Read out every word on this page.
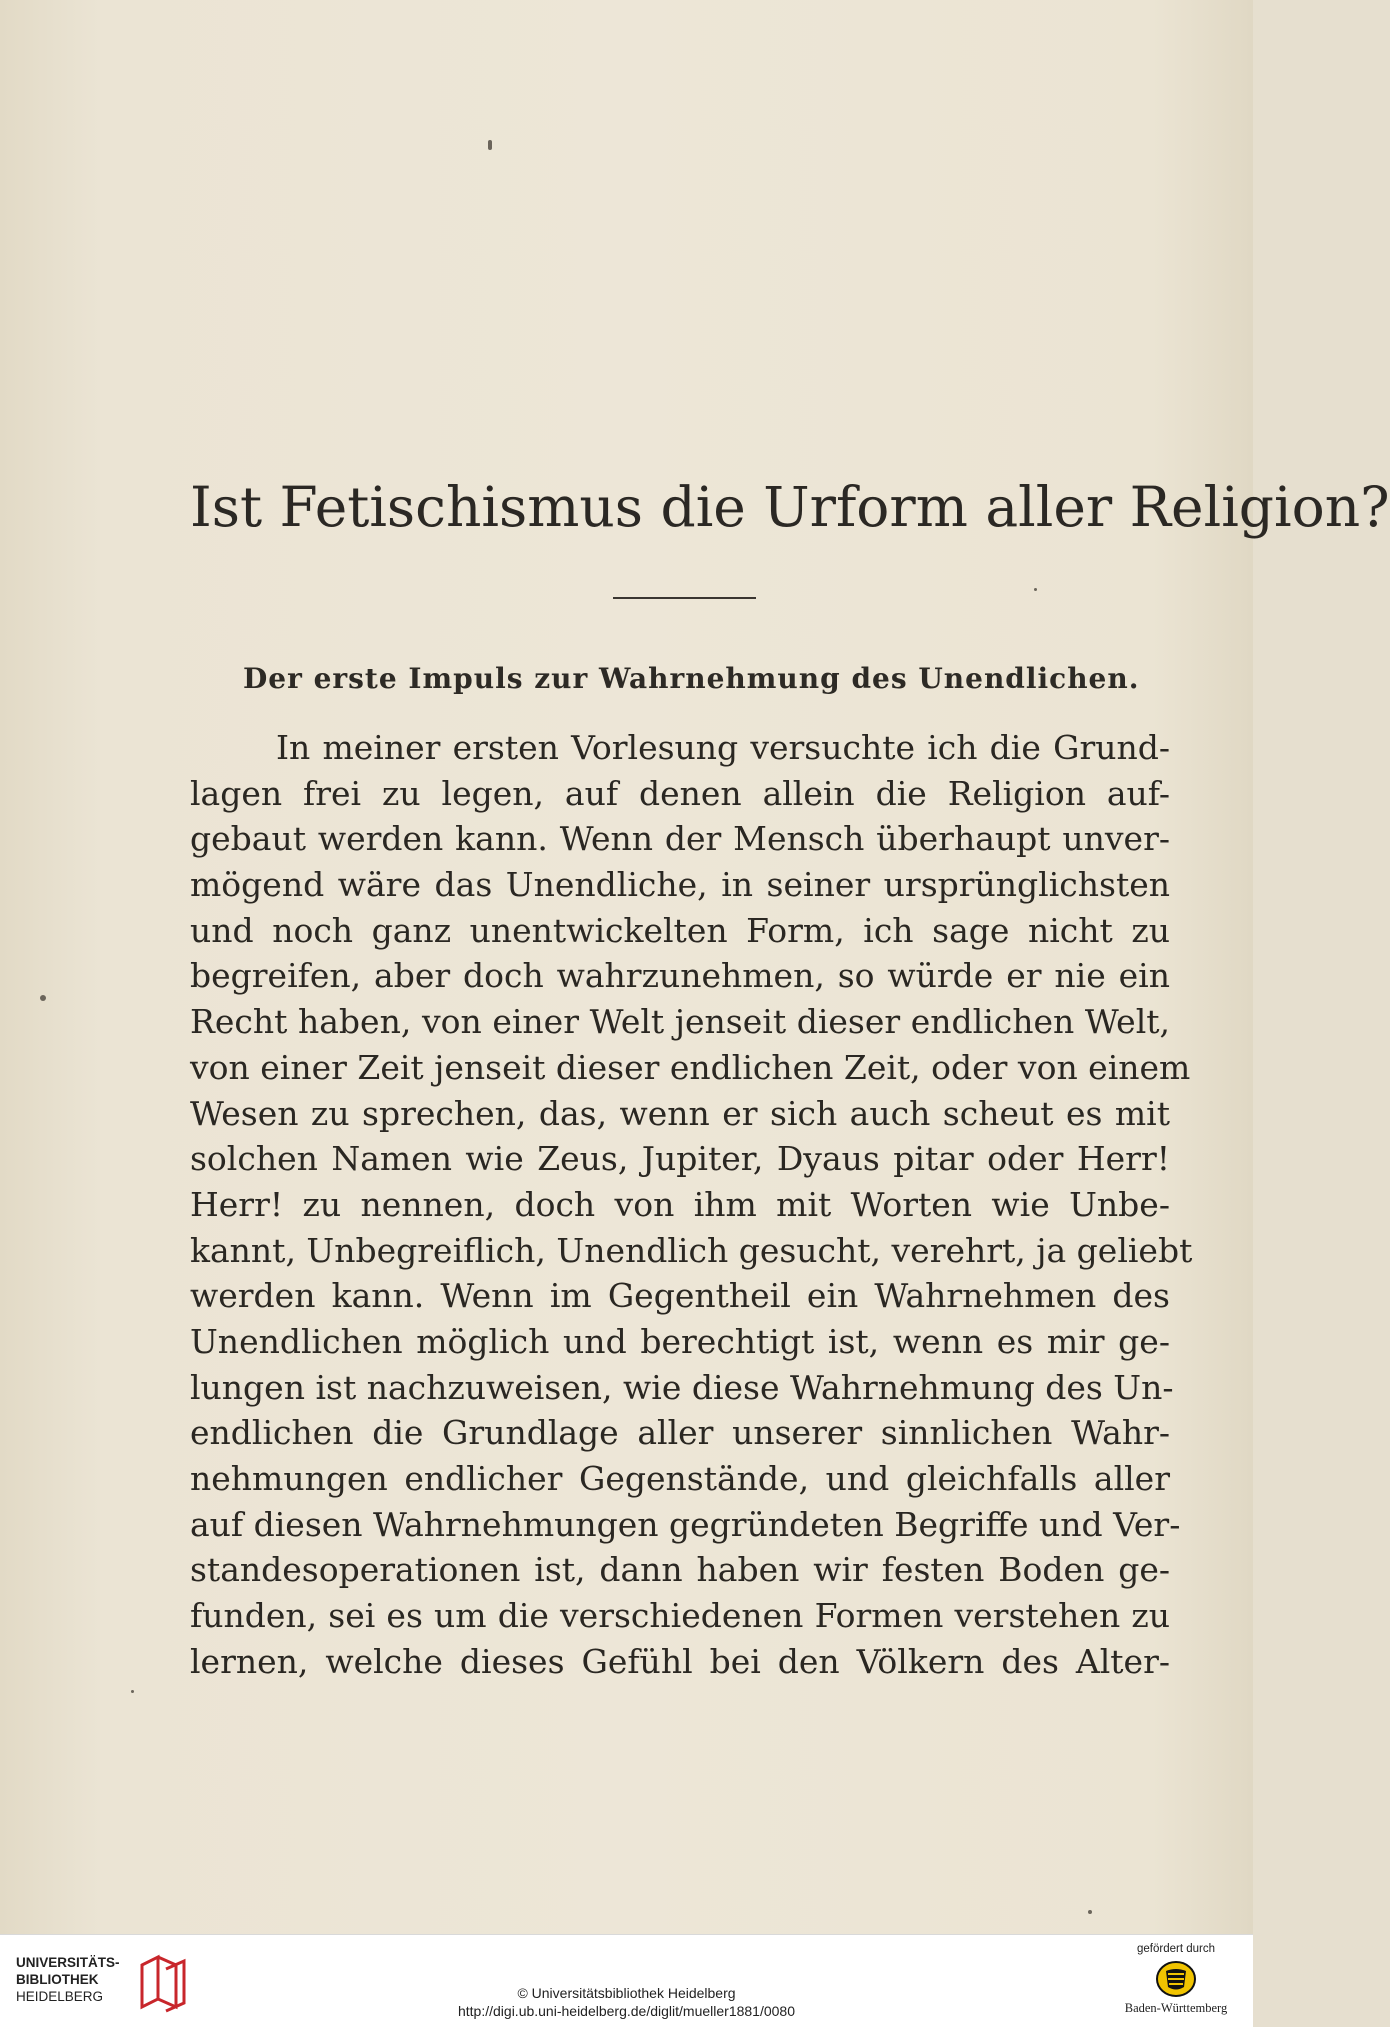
Ist Fetischismus die Urform aller Religion?
Der erste Impuls zur Wahrnehmung des Unendlichen.
In meiner ersten Vorlesung versuchte ich die Grund-
lagen frei zu legen, auf denen allein die Religion auf-
gebaut werden kann. Wenn der Mensch überhaupt unver-
mögend wäre das Unendliche, in seiner ursprünglichsten
und noch ganz unentwickelten Form, ich sage nicht zu
begreifen, aber doch wahrzunehmen, so würde er nie ein
Recht haben, von einer Welt jenseit dieser endlichen Welt,
von einer Zeit jenseit dieser endlichen Zeit, oder von einem
Wesen zu sprechen, das, wenn er sich auch scheut es mit
solchen Namen wie Zeus, Jupiter, Dyaus pitar oder Herr!
Herr! zu nennen, doch von ihm mit Worten wie Unbe-
kannt, Unbegreiflich, Unendlich gesucht, verehrt, ja geliebt
werden kann. Wenn im Gegentheil ein Wahrnehmen des
Unendlichen möglich und berechtigt ist, wenn es mir ge-
lungen ist nachzuweisen, wie diese Wahrnehmung des Un-
endlichen die Grundlage aller unserer sinnlichen Wahr-
nehmungen endlicher Gegenstände, und gleichfalls aller
auf diesen Wahrnehmungen gegründeten Begriffe und Ver-
standesoperationen ist, dann haben wir festen Boden ge-
funden, sei es um die verschiedenen Formen verstehen zu
lernen, welche dieses Gefühl bei den Völkern des Alter-
UNIVERSITÄTS-
BIBLIOTHEK
HEIDELBERG	© Universitätsbibliothek Heidelberg
http://digi.ub.uni-heidelberg.de/diglit/mueller1881/0080
gefördert durch
Baden-Württemberg
